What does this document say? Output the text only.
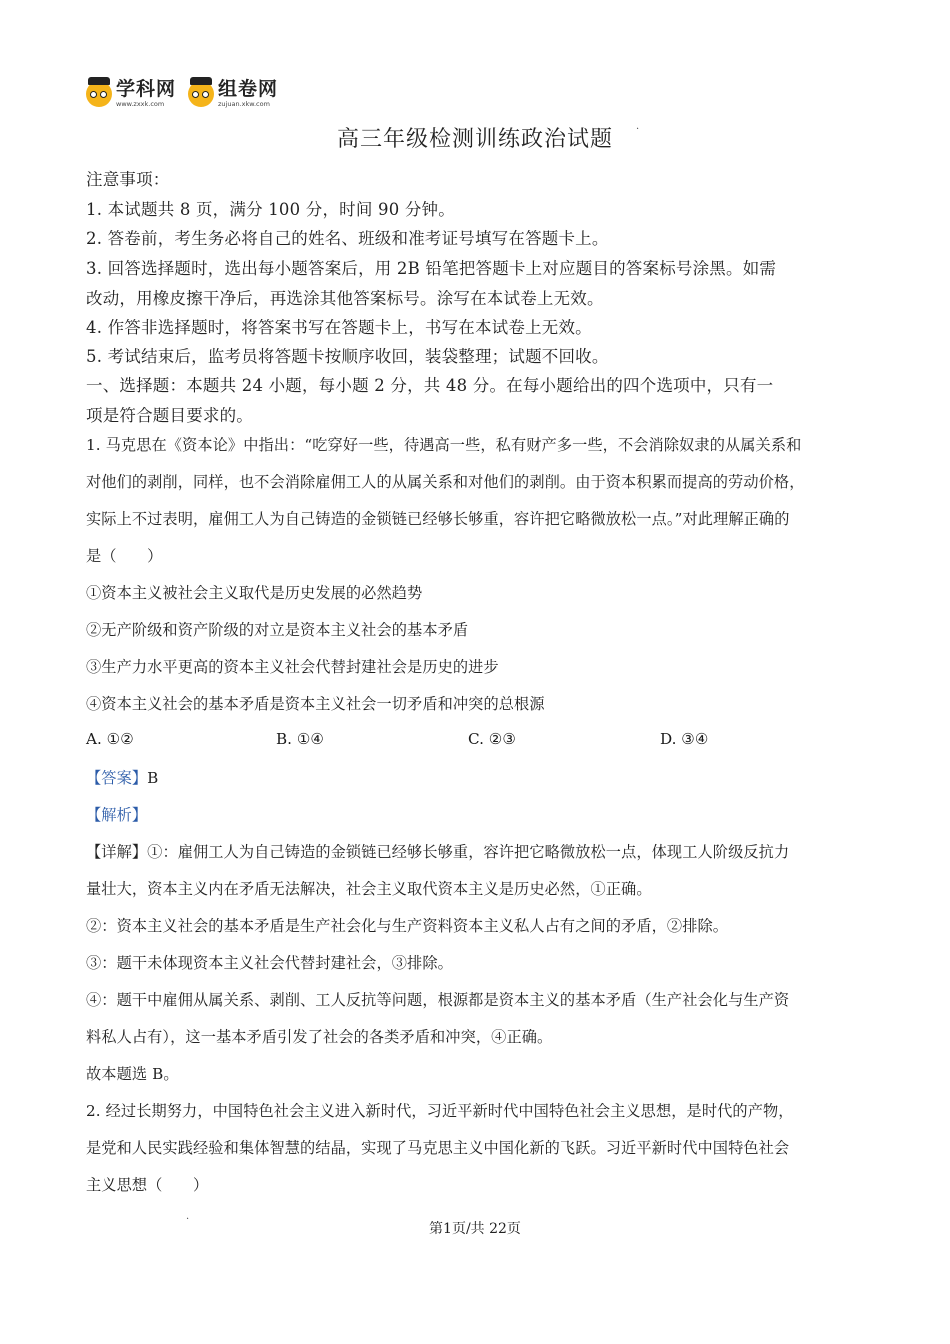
学科网
www.zxxk.com
组卷网
zujuan.xkw.com
高三年级检测训练政治试题	·
注意事项：
1. 本试题共 8 页，满分 100 分，时间 90 分钟。
2. 答卷前，考生务必将自己的姓名、班级和准考证号填写在答题卡上。
3. 回答选择题时，选出每小题答案后，用 2B 铅笔把答题卡上对应题目的答案标号涂黑。如需
改动，用橡皮擦干净后，再选涂其他答案标号。涂写在本试卷上无效。
4. 作答非选择题时，将答案书写在答题卡上，书写在本试卷上无效。
5. 考试结束后，监考员将答题卡按顺序收回，装袋整理；试题不回收。
一、选择题：本题共 24 小题，每小题 2 分，共 48 分。在每小题给出的四个选项中，只有一
项是符合题目要求的。
1. 马克思在《资本论》中指出：“吃穿好一些，待遇高一些，私有财产多一些，不会消除奴隶的从属关系和
对他们的剥削，同样，也不会消除雇佣工人的从属关系和对他们的剥削。由于资本积累而提高的劳动价格，
实际上不过表明，雇佣工人为自己铸造的金锁链已经够长够重，容许把它略微放松一点。”对此理解正确的
是（　　）
①资本主义被社会主义取代是历史发展的必然趋势
②无产阶级和资产阶级的对立是资本主义社会的基本矛盾
③生产力水平更高的资本主义社会代替封建社会是历史的进步
④资本主义社会的基本矛盾是资本主义社会一切矛盾和冲突的总根源
A. ①②	B. ①④	C. ②③	D. ③④
【答案】B
【解析】
【详解】①：雇佣工人为自己铸造的金锁链已经够长够重，容许把它略微放松一点，体现工人阶级反抗力
量壮大，资本主义内在矛盾无法解决，社会主义取代资本主义是历史必然，①正确。
②：资本主义社会的基本矛盾是生产社会化与生产资料资本主义私人占有之间的矛盾，②排除。
③：题干未体现资本主义社会代替封建社会，③排除。
④：题干中雇佣从属关系、剥削、工人反抗等问题，根源都是资本主义的基本矛盾（生产社会化与生产资
料私人占有），这一基本矛盾引发了社会的各类矛盾和冲突，④正确。
故本题选 B。
2. 经过长期努力，中国特色社会主义进入新时代，习近平新时代中国特色社会主义思想，是时代的产物，
是党和人民实践经验和集体智慧的结晶，实现了马克思主义中国化新的飞跃。习近平新时代中国特色社会
主义思想（　　）
·
第1页/共 22页
